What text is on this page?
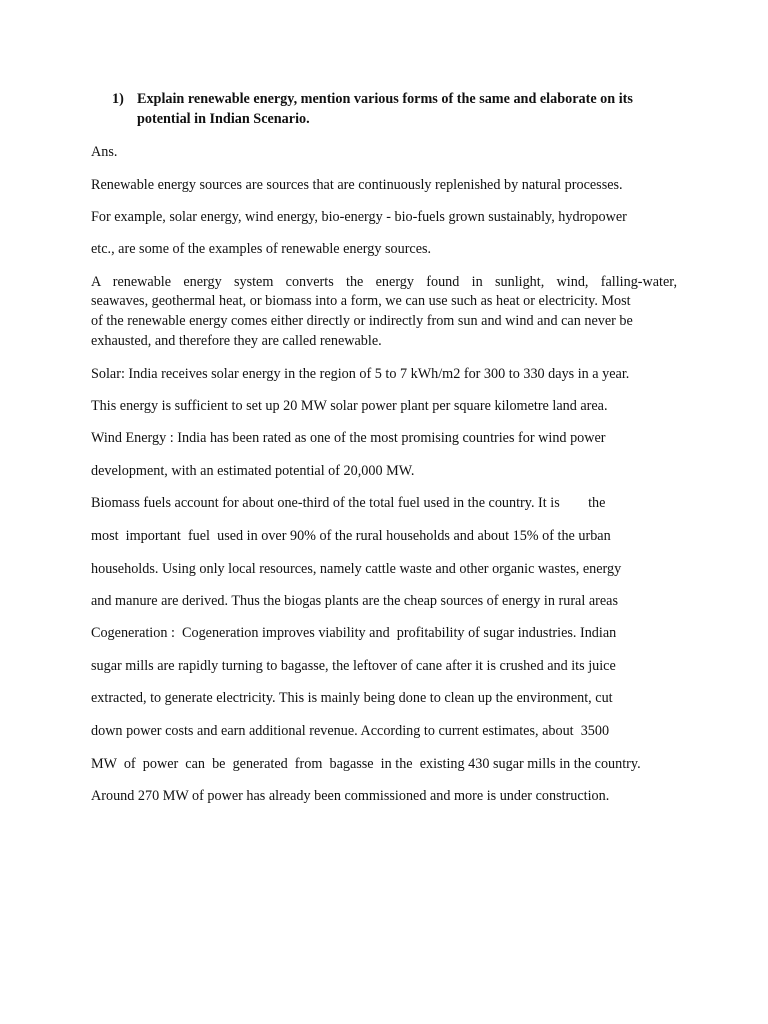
1) Explain renewable energy, mention various forms of the same and elaborate on its
potential in Indian Scenario.
Ans.
Renewable energy sources are sources that are continuously replenished by natural processes.
For example, solar energy, wind energy, bio-energy - bio-fuels grown sustainably, hydropower
etc., are some of the examples of renewable energy sources.
A renewable energy system converts the energy found in sunlight, wind, falling-water,
seawaves, geothermal heat, or biomass into a form, we can use such as heat or electricity. Most
of the renewable energy comes either directly or indirectly from sun and wind and can never be
exhausted, and therefore they are called renewable.
Solar: India receives solar energy in the region of 5 to 7 kWh/m2 for 300 to 330 days in a year.
This energy is sufficient to set up 20 MW solar power plant per square kilometre land area.
Wind Energy : India has been rated as one of the most promising countries for wind power
development, with an estimated potential of 20,000 MW.
Biomass fuels account for about one-third of the total fuel used in the country. It is        the
most  important  fuel  used in over 90% of the rural households and about 15% of the urban
households. Using only local resources, namely cattle waste and other organic wastes, energy
and manure are derived. Thus the biogas plants are the cheap sources of energy in rural areas
Cogeneration :  Cogeneration improves viability and  profitability of sugar industries. Indian
sugar mills are rapidly turning to bagasse, the leftover of cane after it is crushed and its juice
extracted, to generate electricity. This is mainly being done to clean up the environment, cut
down power costs and earn additional revenue. According to current estimates, about  3500
MW  of  power  can  be  generated  from  bagasse  in the  existing 430 sugar mills in the country.
Around 270 MW of power has already been commissioned and more is under construction.
